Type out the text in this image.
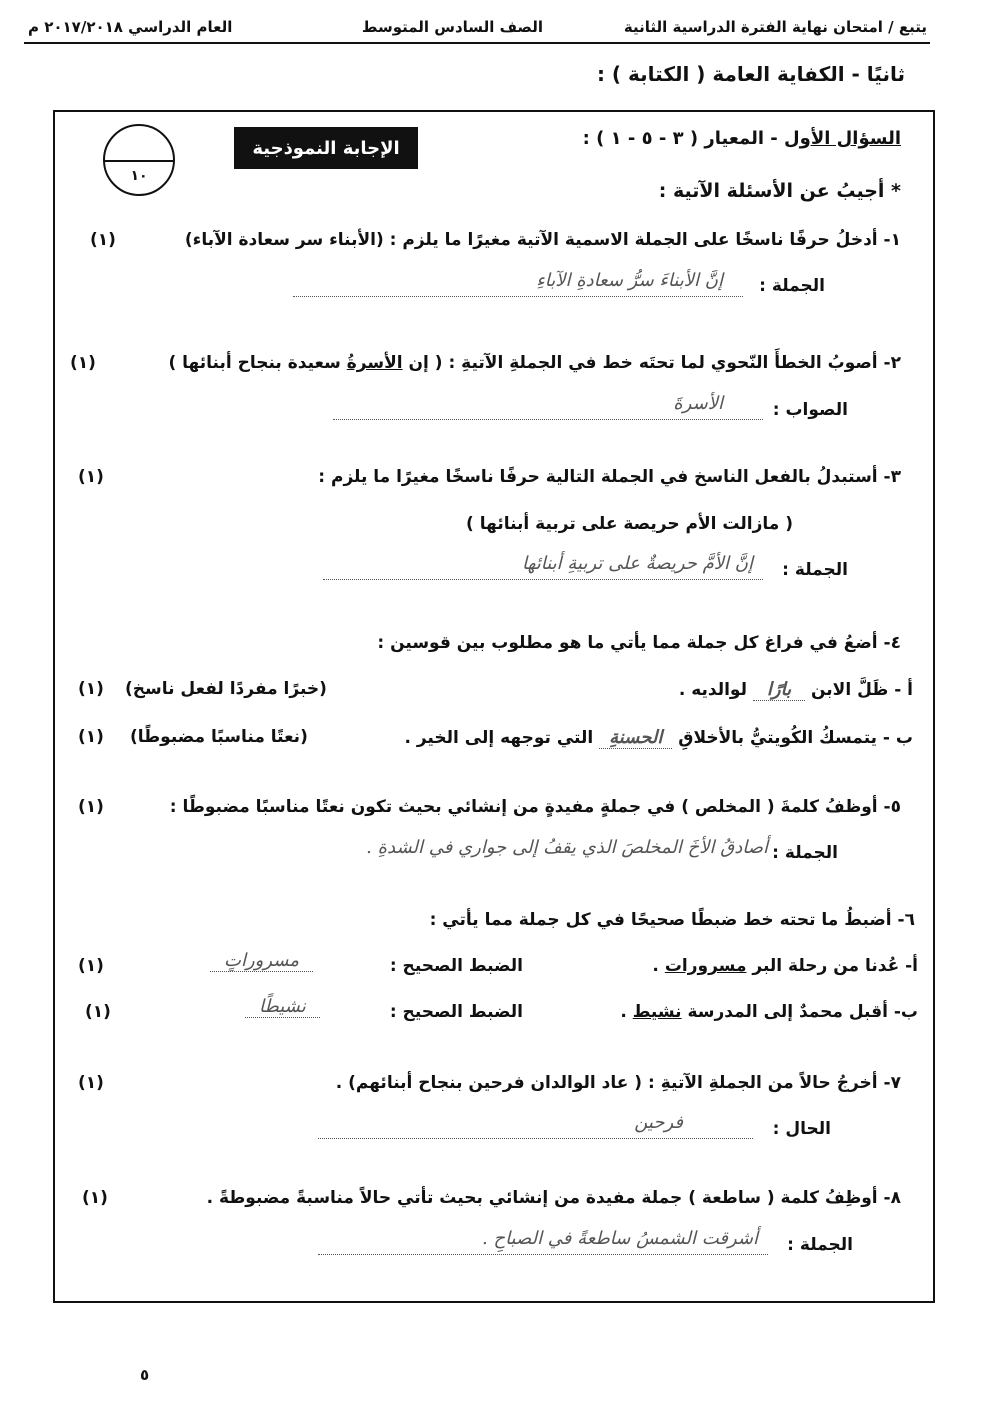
يتبع / امتحان نهاية الفترة الدراسية الثانية
الصف السادس المتوسط
العام الدراسي ٢٠١٧/٢٠١٨ م
ثانيًا - الكفاية العامة ( الكتابة ) :
الإجابة النموذجية
١٠
السؤال الأول - المعيار ( ٣ - ٥ - ١ ) :
* أجيبُ عن الأسئلة الآتية :
١- أدخلُ حرفًا ناسخًا على الجملة الاسمية الآتية مغيرًا ما يلزم : (الأبناء سر سعادة الآباء)
(١)
الجملة :
إنَّ الأبناءَ سرُّ سعادةِ الآباءِ
٢- أصوبُ الخطأَ النّحوي لما تحتَه خط في الجملةِ الآتيةِ : ( إن الأسرةُ سعيدة بنجاح أبنائها )
(١)
الصواب :
الأسرةَ
٣- أستبدلُ بالفعل الناسخ في الجملة التالية حرفًا ناسخًا مغيرًا ما يلزم :
(١)
( مازالت الأم حريصة على تربية أبنائها )
الجملة :
إنَّ الأمَّ حريصةٌ على تربيةِ أبنائها
٤- أضعُ في فراغ كل جملة مما يأتي ما هو مطلوب بين قوسين :
أ - ظَلَّ الابن بارًا لوالديه .
(خبرًا مفردًا لفعل ناسخ)
(١)
ب - يتمسكُ الكُويتيُّ بالأخلاقِ الحسنةِ التي توجهه إلى الخير .
(نعتًا مناسبًا مضبوطًا)
(١)
٥- أوظفُ كلمةَ ( المخلص ) في جملةٍ مفيدةٍ من إنشائي بحيث تكون نعتًا مناسبًا مضبوطًا :
(١)
الجملة :
أصادقُ الأخَ المخلصَ الذي يقفُ إلى جواري في الشدةِ .
٦- أضبطُ ما تحته خط ضبطًا صحيحًا في كل جملة مما يأتي :
أ- عُدنا من رحلة البر مسرورات .
الضبط الصحيح :
مسروراتٍ
(١)
ب- أقبل محمدٌ إلى المدرسة نشيط .
الضبط الصحيح :
نشيطًا
(١)
٧- أخرجُ حالاً من الجملةِ الآتيةِ : ( عاد الوالدان فرحين بنجاح أبنائهم) .
(١)
الحال :
فرحين
٨- أوظِفُ كلمة ( ساطعة ) جملة مفيدة من إنشائي بحيث تأتي حالاً مناسبةً مضبوطةً .
(١)
الجملة :
أشرقت الشمسُ ساطعةً في الصباحِ .
٥
